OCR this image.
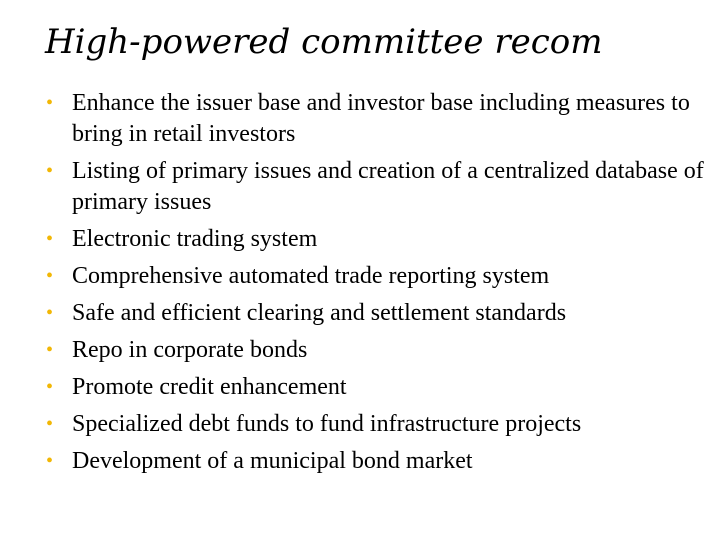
High-powered committee recom
• Enhance the issuer base and investor base including measures to bring in retail investors
• Listing of primary issues and creation of a centralized database of primary issues
• Electronic trading system
• Comprehensive automated trade reporting system
• Safe and efficient clearing and settlement standards
• Repo in corporate bonds
• Promote credit enhancement
• Specialized debt funds to fund infrastructure projects
• Development of a municipal bond market
